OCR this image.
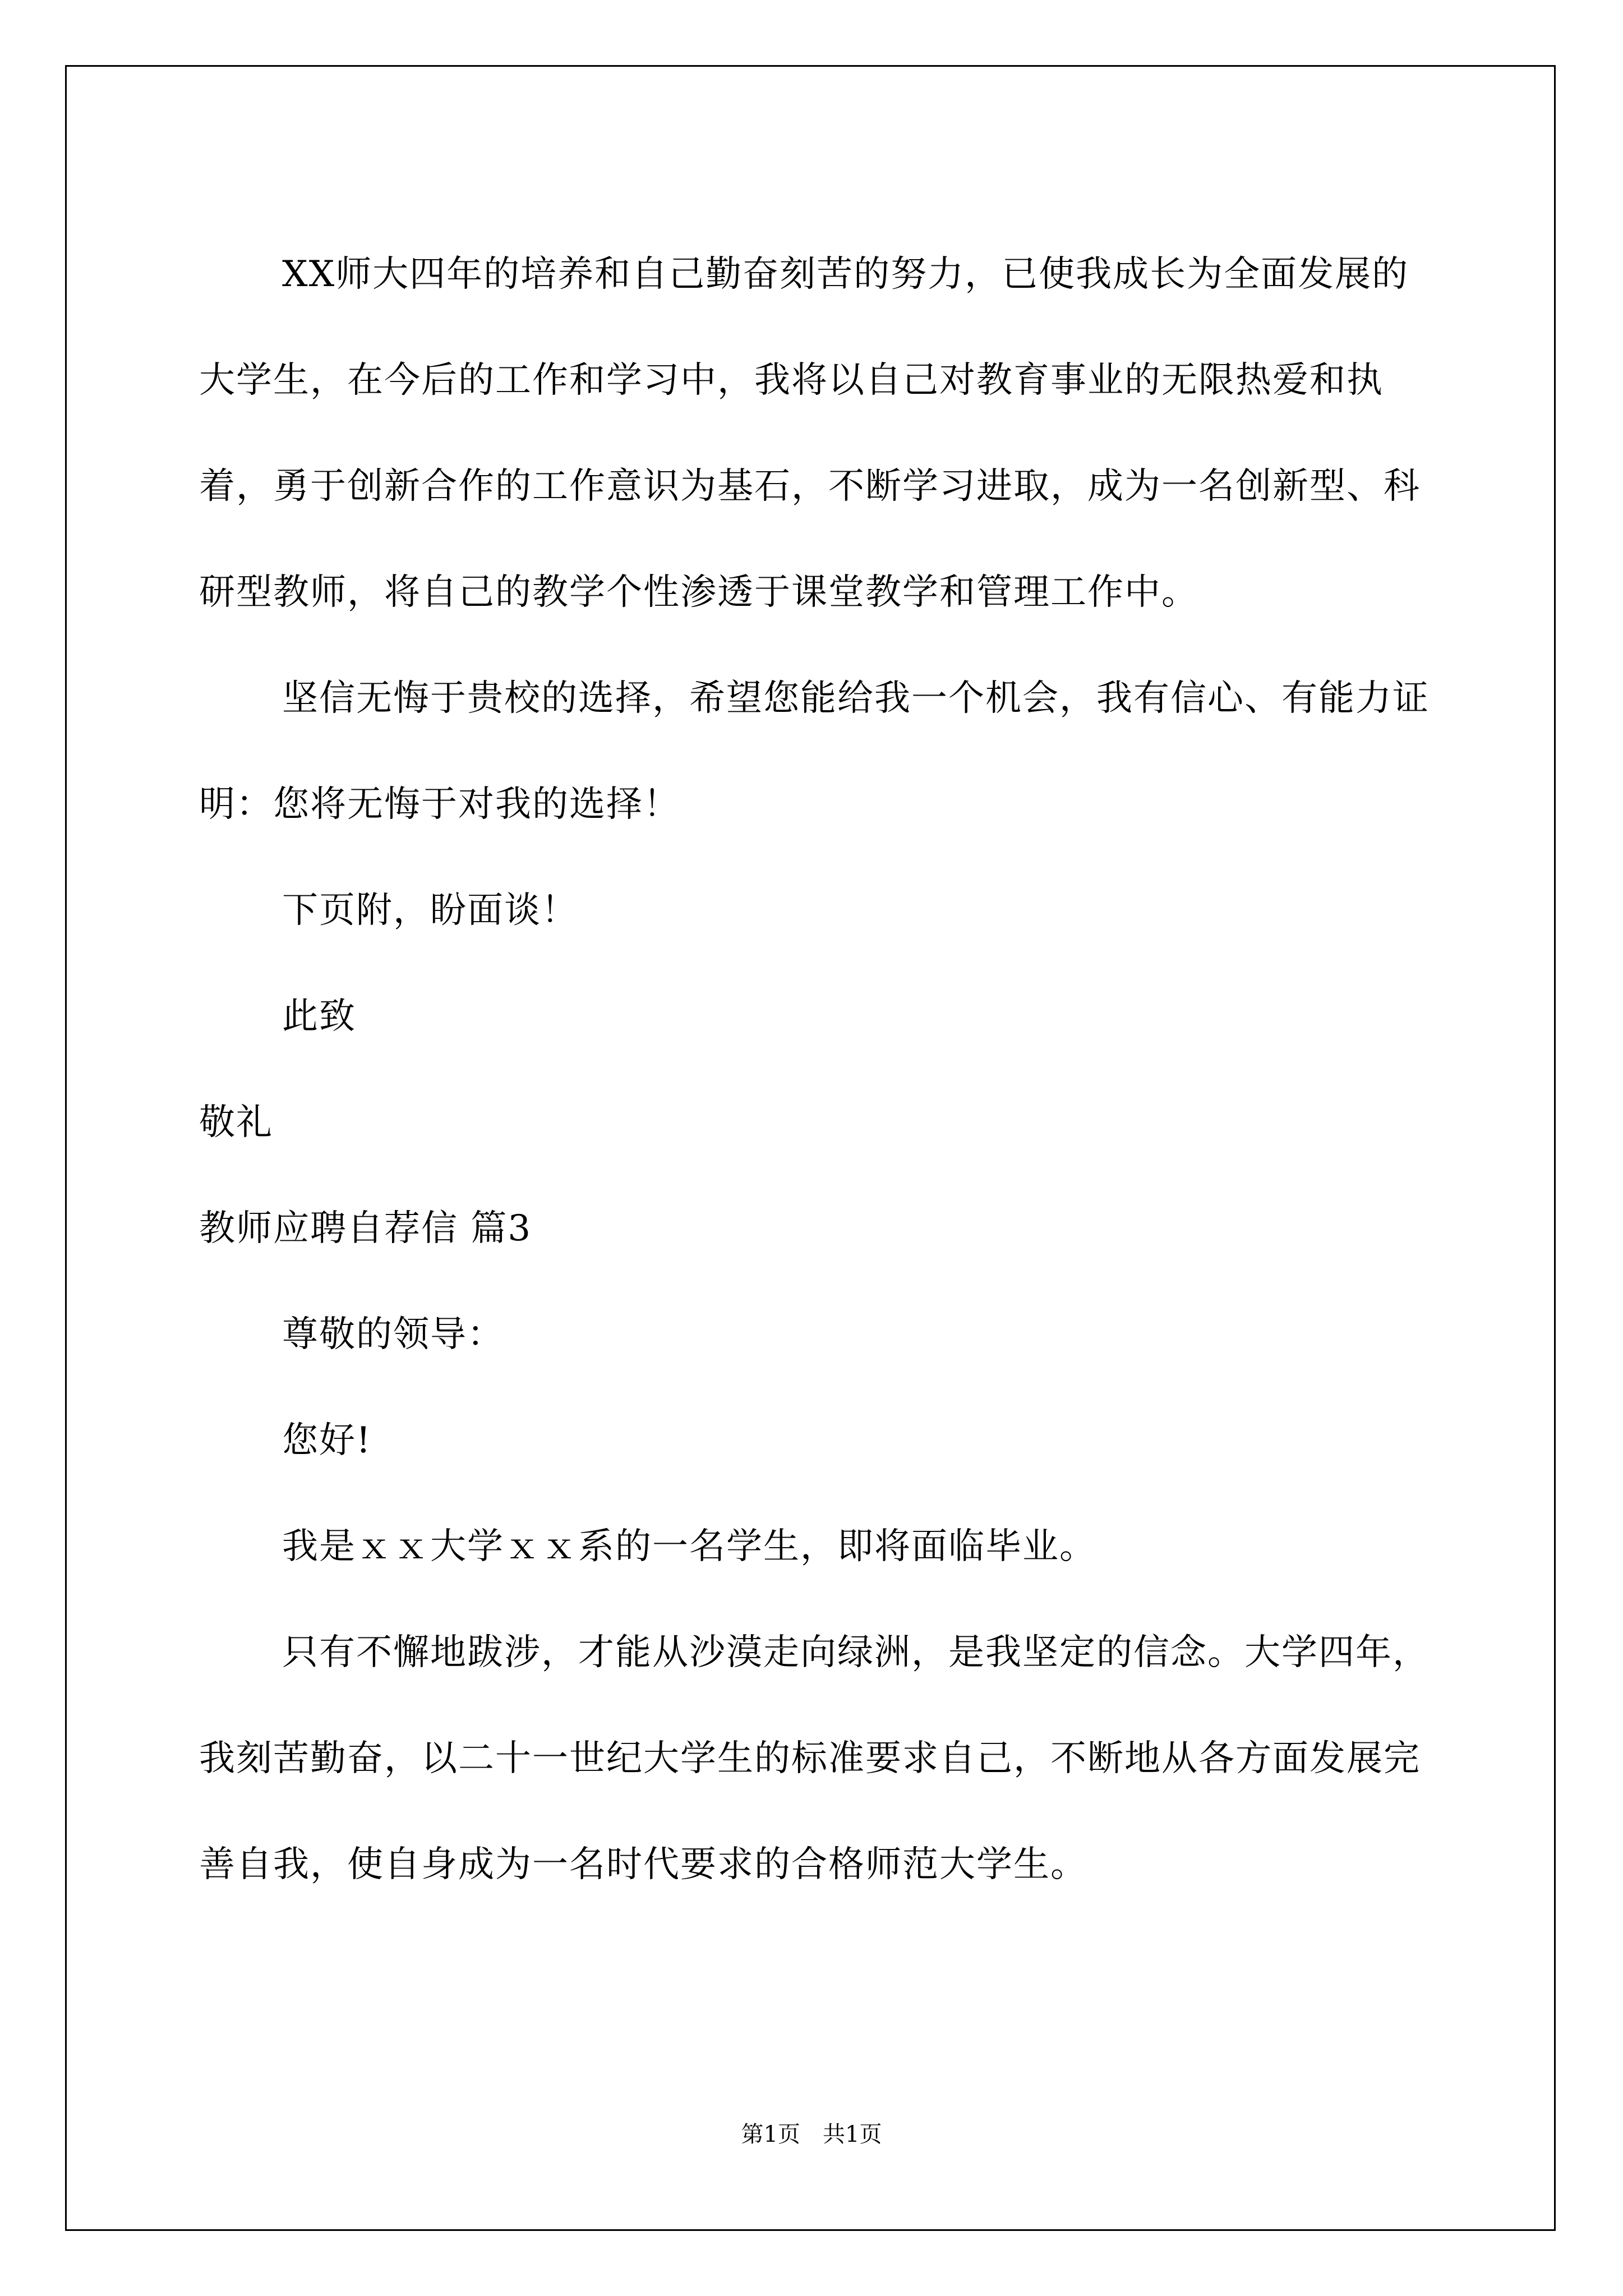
XX师大四年的培养和自己勤奋刻苦的努力，已使我成长为全面发展的大学生，在今后的工作和学习中，我将以自己对教育事业的无限热爱和执着，勇于创新合作的工作意识为基石，不断学习进取，成为一名创新型、科研型教师，将自己的教学个性渗透于课堂教学和管理工作中。

坚信无悔于贵校的选择，希望您能给我一个机会，我有信心、有能力证明：您将无悔于对我的选择！

下页附，盼面谈！

此致

敬礼

教师应聘自荐信 篇3

尊敬的领导：

您好!

我是ｘｘ大学ｘｘ系的一名学生，即将面临毕业。

只有不懈地跋涉，才能从沙漠走向绿洲，是我坚定的信念。大学四年，我刻苦勤奋，以二十一世纪大学生的标准要求自己，不断地从各方面发展完善自我，使自身成为一名时代要求的合格师范大学生。

第1页　共1页
